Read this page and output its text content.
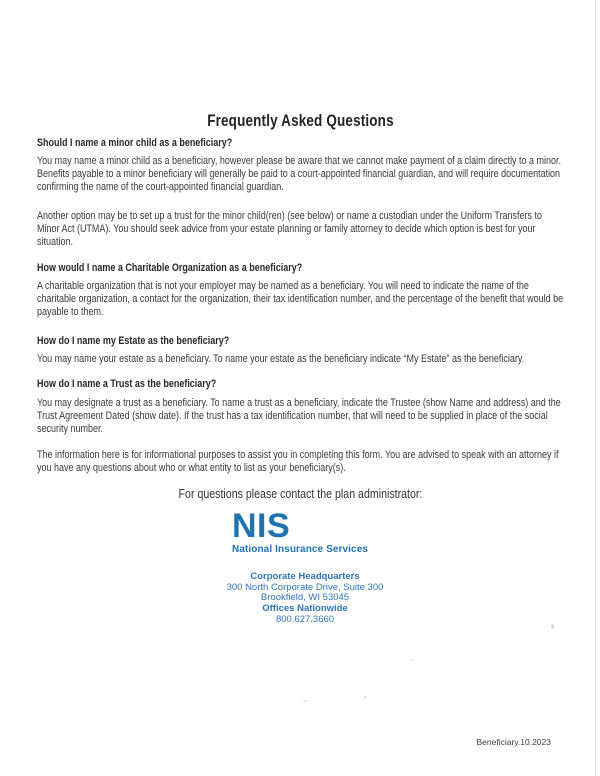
Frequently Asked Questions
Should I name a minor child as a beneficiary?

You may name a minor child as a beneficiary, however please be aware that we cannot make payment of a claim directly to a minor.  Benefits payable to a minor beneficiary will generally be paid to a court-appointed financial guardian, and will require documentation confirming the name of the court-appointed financial guardian.

Another option may be to set up a trust for the minor child(ren) (see below) or name a custodian under the Uniform Transfers to Minor Act (UTMA). You should seek advice from your estate planning or family attorney to decide which option is best for your situation.

How would I name a Charitable Organization as a beneficiary?

A charitable organization that is not your employer may be named as a beneficiary. You will need to indicate the name of the charitable organization, a contact for the organization, their tax identification number, and the percentage of the benefit that would be payable to them.

How do I name my Estate as the beneficiary?

You may name your estate as a beneficiary. To name your estate as the beneficiary indicate “My Estate” as the beneficiary.

How do I name a Trust as the beneficiary?

You may designate a trust as a beneficiary. To name a trust as a beneficiary, indicate the Trustee (show Name and address) and the Trust Agreement Dated (show date). If the trust has a tax identification number, that will need to be supplied in place of the social security number.

The information here is for informational purposes to assist you in completing this form. You are advised to speak with an attorney if you have any questions about who or what entity to list as your beneficiary(s).

For questions please contact the plan administrator:
NIS
National Insurance Services
Corporate Headquarters
300 North Corporate Drive, Suite 300
Brookfield, WI 53045
Offices Nationwide
800.627.3660
Beneficiary.10.2023
